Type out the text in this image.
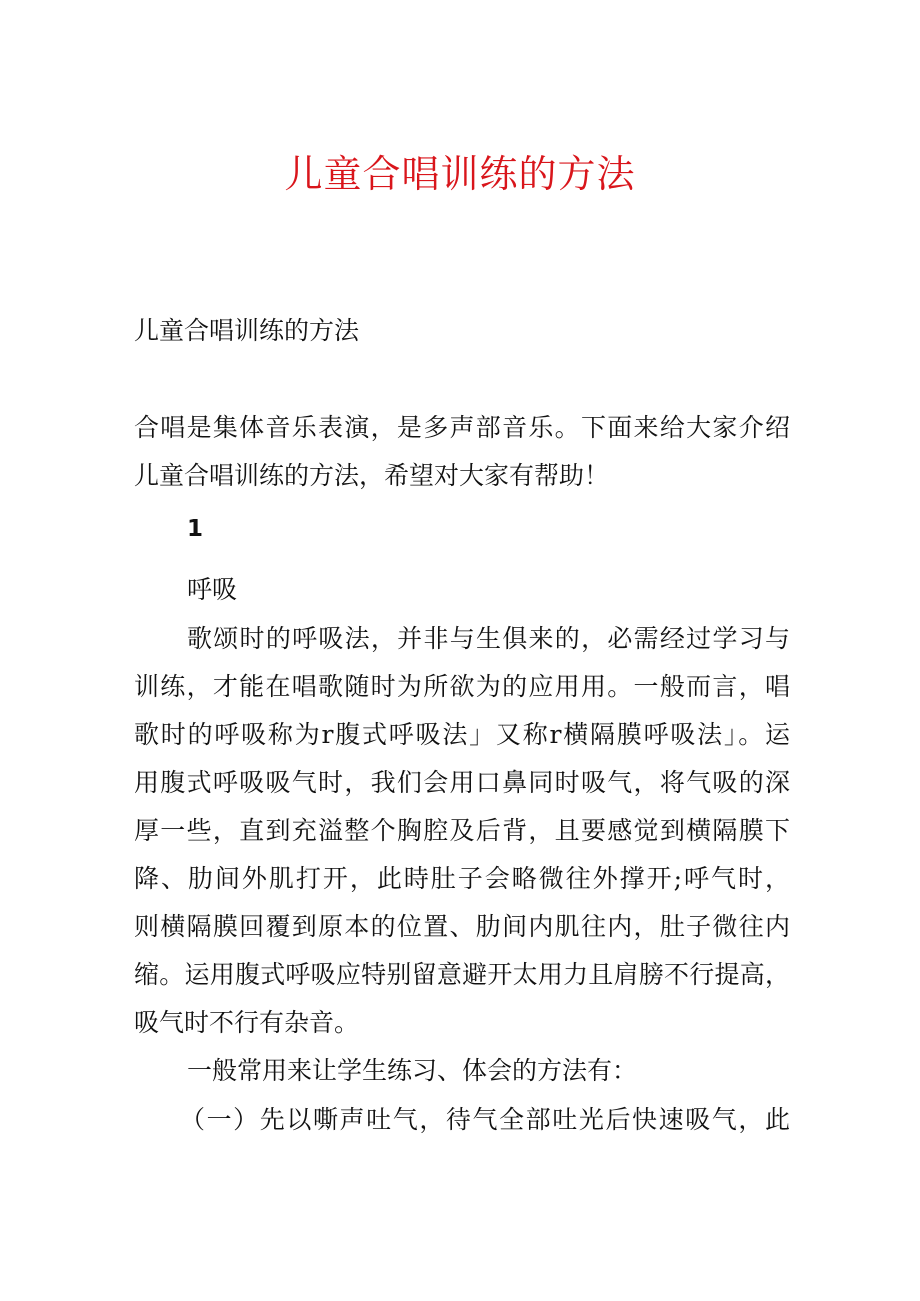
儿童合唱训练的方法
儿童合唱训练的方法
合唱是集体音乐表演，是多声部音乐。下面来给大家介绍
儿童合唱训练的方法，希望对大家有帮助！
1
呼吸
歌颂时的呼吸法，并非与生俱来的，必需经过学习与
训练，才能在唱歌随时为所欲为的应用用。一般而言，唱
歌时的呼吸称为r腹式呼吸法」又称r横隔膜呼吸法」。运
用腹式呼吸吸气时，我们会用口鼻同时吸气，将气吸的深
厚一些，直到充溢整个胸腔及后背，且要感觉到横隔膜下
降、肋间外肌打开，此時肚子会略微往外撑开;呼气时，
则横隔膜回覆到原本的位置、肋间内肌往内，肚子微往内
缩。运用腹式呼吸应特别留意避开太用力且肩膀不行提高，
吸气时不行有杂音。
一般常用来让学生练习、体会的方法有：
（一）先以嘶声吐气，待气全部吐光后快速吸气，此
